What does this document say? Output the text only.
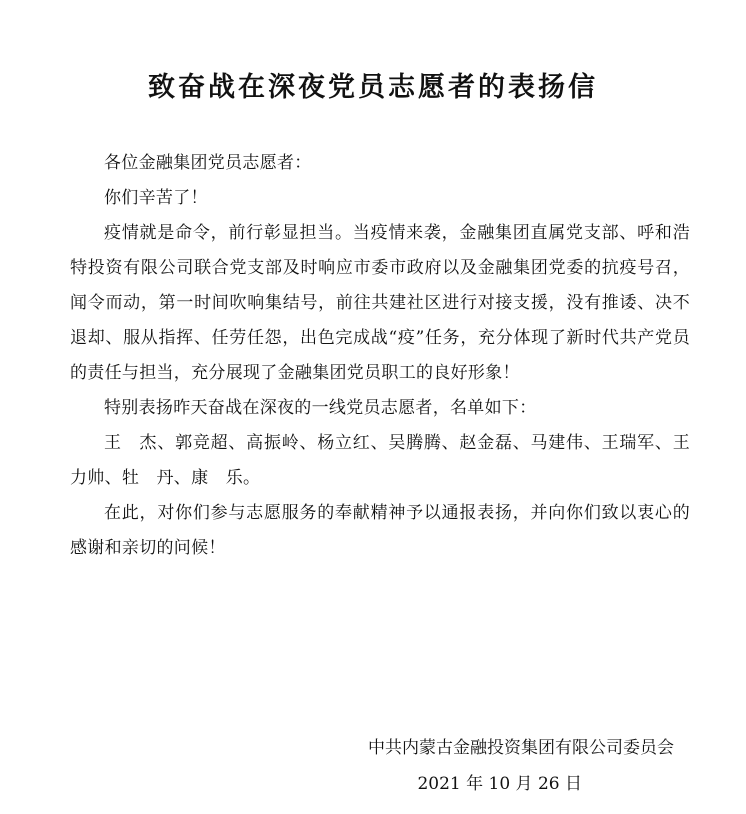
致奋战在深夜党员志愿者的表扬信

各位金融集团党员志愿者：

你们辛苦了！

疫情就是命令，前行彰显担当。当疫情来袭，金融集团直属党支部、呼和浩特投资有限公司联合党支部及时响应市委市政府以及金融集团党委的抗疫号召，闻令而动，第一时间吹响集结号，前往共建社区进行对接支援，没有推诿、决不退却、服从指挥、任劳任怨，出色完成战“疫”任务，充分体现了新时代共产党员的责任与担当，充分展现了金融集团党员职工的良好形象！

特别表扬昨天奋战在深夜的一线党员志愿者，名单如下：

王　杰、郭竞超、高振岭、杨立红、吴腾腾、赵金磊、马建伟、王瑞军、王力帅、牡　丹、康　乐。

在此，对你们参与志愿服务的奉献精神予以通报表扬，并向你们致以衷心的感谢和亲切的问候！

中共内蒙古金融投资集团有限公司委员会
2021 年 10 月 26 日
